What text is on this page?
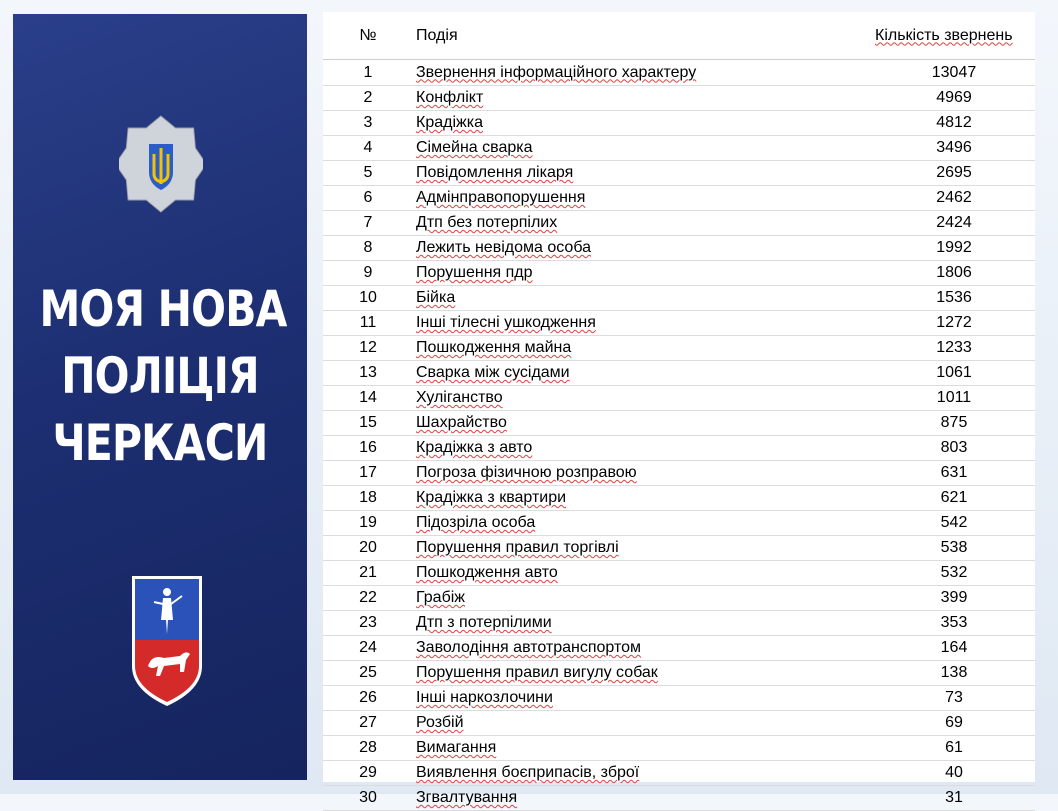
МОЯ НОВА
ПОЛІЦІЯ
ЧЕРКАСИ
№	Подія	Кількість звернень
1	Звернення інформаційного характеру	13047
2	Конфлікт	4969
3	Крадіжка	4812
4	Сімейна сварка	3496
5	Повідомлення лікаря	2695
6	Адмінправопорушення	2462
7	Дтп без потерпілих	2424
8	Лежить невідома особа	1992
9	Порушення пдр	1806
10	Бійка	1536
11	Інші тілесні ушкодження	1272
12	Пошкодження майна	1233
13	Сварка між сусідами	1061
14	Хуліганство	1011
15	Шахрайство	875
16	Крадіжка з авто	803
17	Погроза фізичною розправою	631
18	Крадіжка з квартири	621
19	Підозріла особа	542
20	Порушення правил торгівлі	538
21	Пошкодження авто	532
22	Грабіж	399
23	Дтп з потерпілими	353
24	Заволодіння автотранспортом	164
25	Порушення правил вигулу собак	138
26	Інші наркозлочини	73
27	Розбій	69
28	Вимагання	61
29	Виявлення боєприпасів, зброї	40
30	Згвалтування	31
